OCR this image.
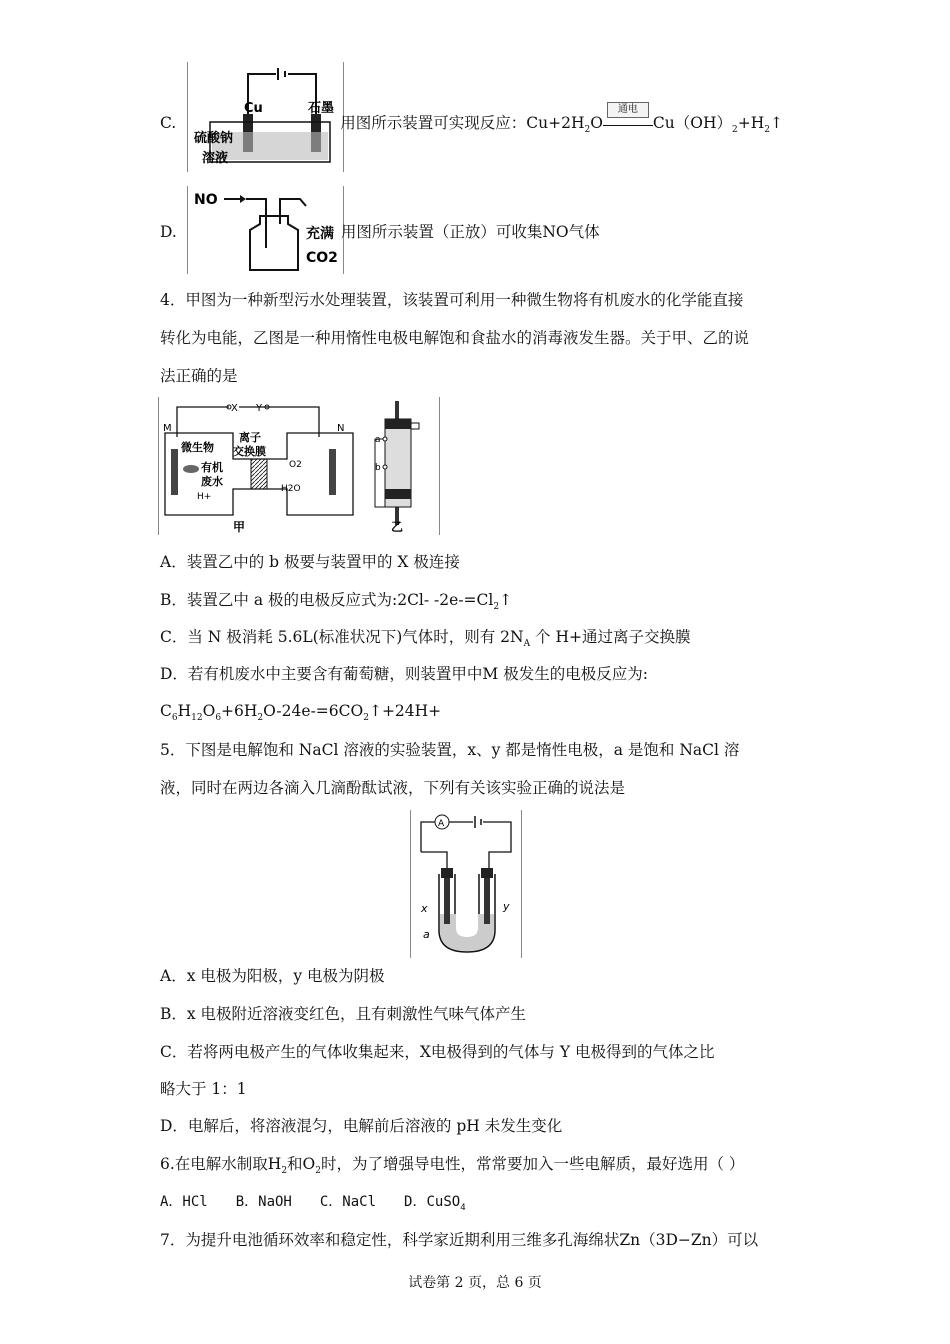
Cu	石墨
硫酸钠
溶液
C.	用图所示装置可实现反应：$Cu+2H_2O$
通电
$Cu(OH)_2+H_2↑$
NO
充满
CO2
D.	用图所示装置（正放）可收集NO气体
4．甲图为一种新型污水处理装置，该装置可利用一种微生物将有机废水的化学能直接
转化为电能，乙图是一种用惰性电极电解饱和食盐水的消毒液发生器。关于甲、乙的说
法正确的是
X Y
M	N
离子
交换膜
微生物
有机
废水
H+
O2
H2O
甲
a
b
乙
A．装置乙中的 b 极要与装置甲的 X 极连接
B．装置乙中 a 极的电极反应式为:2Cl- $-2e-=Cl_2↑$
C．当 N 极消耗 5.6L(标准状况下)气体时，则有 $2N_A$ 个 H+通过离子交换膜
D．若有机废水中主要含有葡萄糖，则装置甲中M 极发生的电极反应为:
$C_6H_{12}O_6+6H_2O-24e-=6CO_2↑+24H+$
5．下图是电解饱和 NaCl 溶液的实验装置，x、y 都是惰性电极，a 是饱和 NaCl 溶
液，同时在两边各滴入几滴酚酞试液，下列有关该实验正确的说法是
A
x	y
a
A．x 电极为阳极，y 电极为阴极
B．x 电极附近溶液变红色，且有刺激性气味气体产生
C．若将两电极产生的气体收集起来，X电极得到的气体与 Y 电极得到的气体之比
略大于 1：1
D．电解后，将溶液混匀，电解前后溶液的 pH 未发生变化
6.在电解水制取$H_2$和$O_2$时，为了增强导电性，常常要加入一些电解质，最好选用（ ）
A．HCl B．NaOH C．NaCl D．CuSO$_4$
7．为提升电池循环效率和稳定性，科学家近期利用三维多孔海绵状Zn（3D−Zn）可以
试卷第 2 页，总 6 页
